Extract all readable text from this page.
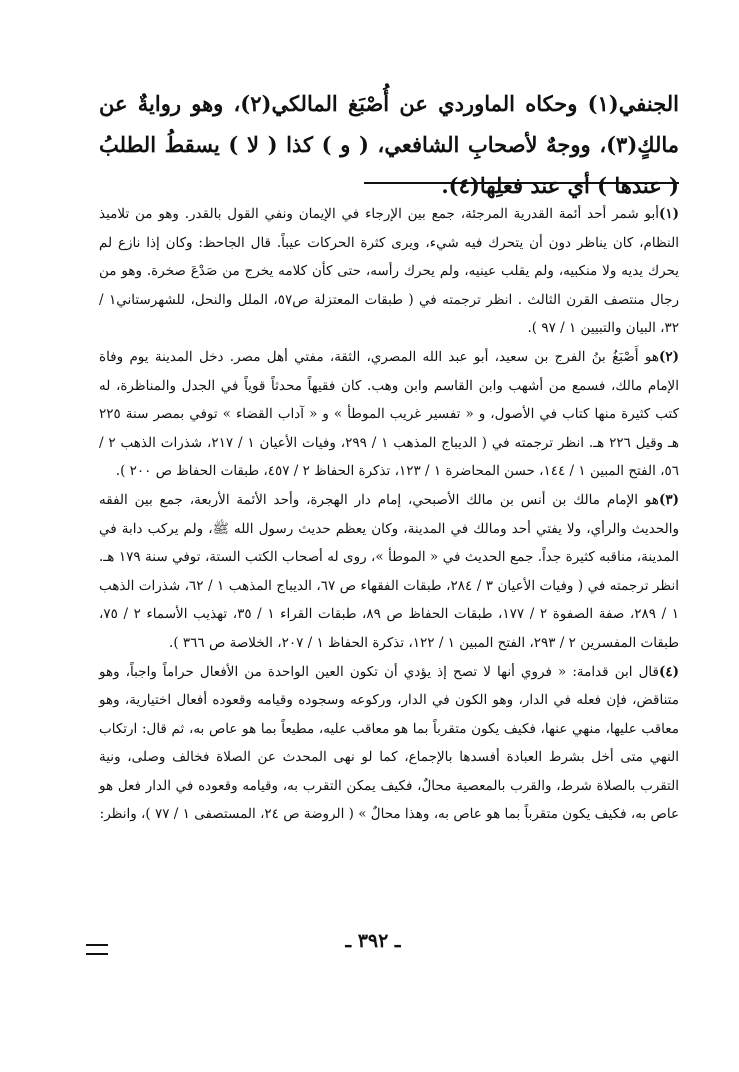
الجنفي(١) وحكاه الماوردي عن أُصْبَغ المالكي(٢)، وهو روايةٌ عن مالكٍ(٣)، ووجهٌ لأصحابِ الشافعي، ( و ) كذا ( لا ) يسقطُ الطلبُ ( عندها ) أي عند فعلِها(٤).

(١)أبو شمر أحد أئمة القدرية المرجئة، جمع بين الإرجاء في الإيمان ونفي القول بالقدر. وهو من تلاميذ النظام، كان يناظر دون أن يتحرك فيه شيء، ويرى كثرة الحركات عيباً. قال الجاحظ: وكان إذا نازع لم يحرك يديه ولا منكبيه، ولم يقلب عينيه، ولم يحرك رأسه، حتى كأن كلامه يخرج من صَدْعَ صخرة. وهو من رجال منتصف القرن الثالث . انظر ترجمته في ( طبقات المعتزلة ص٥٧، الملل والنحل، للشهرستاني١ / ٣٢، البيان والتبيين ١ / ٩٧ ).

(٢)هو أَصْبَغُ بنُ الفرج بن سعيد، أبو عبد الله المصري، الثقة، مفتي أهل مصر. دخل المدينة يوم وفاة الإمام مالك، فسمع من أشهب وابن القاسم وابن وهب. كان فقيهاً محدثاً قوياً في الجدل والمناظرة، له كتب كثيرة منها كتاب في الأصول، و « تفسير غريب الموطأ » و « آداب القضاء » توفي بمصر سنة ٢٢٥ هـ وقيل ٢٢٦ هـ. انظر ترجمته في ( الديباج المذهب ١ / ٢٩٩، وفيات الأعيان ١ / ٢١٧، شذرات الذهب ٢ / ٥٦، الفتح المبين ١ / ١٤٤، حسن المحاضرة ١ / ١٢٣، تذكرة الحفاظ ٢ / ٤٥٧، طبقات الحفاظ ص ٢٠٠ ).

(٣)هو الإمام مالك بن أنس بن مالك الأصبحي، إمام دار الهجرة، وأحد الأئمة الأربعة، جمع بين الفقه والحديث والرأي، ولا يفتي أحد ومالك في المدينة، وكان يعظم حديث رسول الله ﷺ، ولم يركب دابة في المدينة، مناقبه كثيرة جداً. جمع الحديث في « الموطأ »، روى له أصحاب الكتب الستة، توفي سنة ١٧٩ هـ. انظر ترجمته في ( وفيات الأعيان ٣ / ٢٨٤، طبقات الفقهاء ص ٦٧، الديباج المذهب ١ / ٦٢، شذرات الذهب ١ / ٢٨٩، صفة الصفوة ٢ / ١٧٧، طبقات الحفاظ ص ٨٩، طبقات القراء ١ / ٣٥، تهذيب الأسماء ٢ / ٧٥، طبقات المفسرين ٢ / ٢٩٣، الفتح المبين ١ / ١٢٢، تذكرة الحفاظ ١ / ٢٠٧، الخلاصة ص ٣٦٦ ).

(٤)قال ابن قدامة: « فروي أنها لا تصح إذ يؤدي أن تكون العين الواحدة من الأفعال حراماً واجباً، وهو متناقض، فإن فعله في الدار، وهو الكون في الدار، وركوعه وسجوده وقيامه وقعوده أفعال اختيارية، وهو معاقب عليها، منهي عنها، فكيف يكون متقرباً بما هو معاقب عليه، مطيعاً بما هو عاص به، ثم قال: ارتكاب النهي متى أخل بشرط العبادة أفسدها بالإجماع، كما لو نهى المحدث عن الصلاة فخالف وصلى، ونية التقرب بالصلاة شرط، والقرب بالمعصية محالٌ، فكيف يمكن التقرب به، وقيامه وقعوده في الدار فعل هو عاص به، فكيف يكون متقرباً بما هو عاص به، وهذا محالٌ » ( الروضة ص ٢٤، المستصفى ١ / ٧٧ )، وانظر:

ـ ٣٩٢ ـ
